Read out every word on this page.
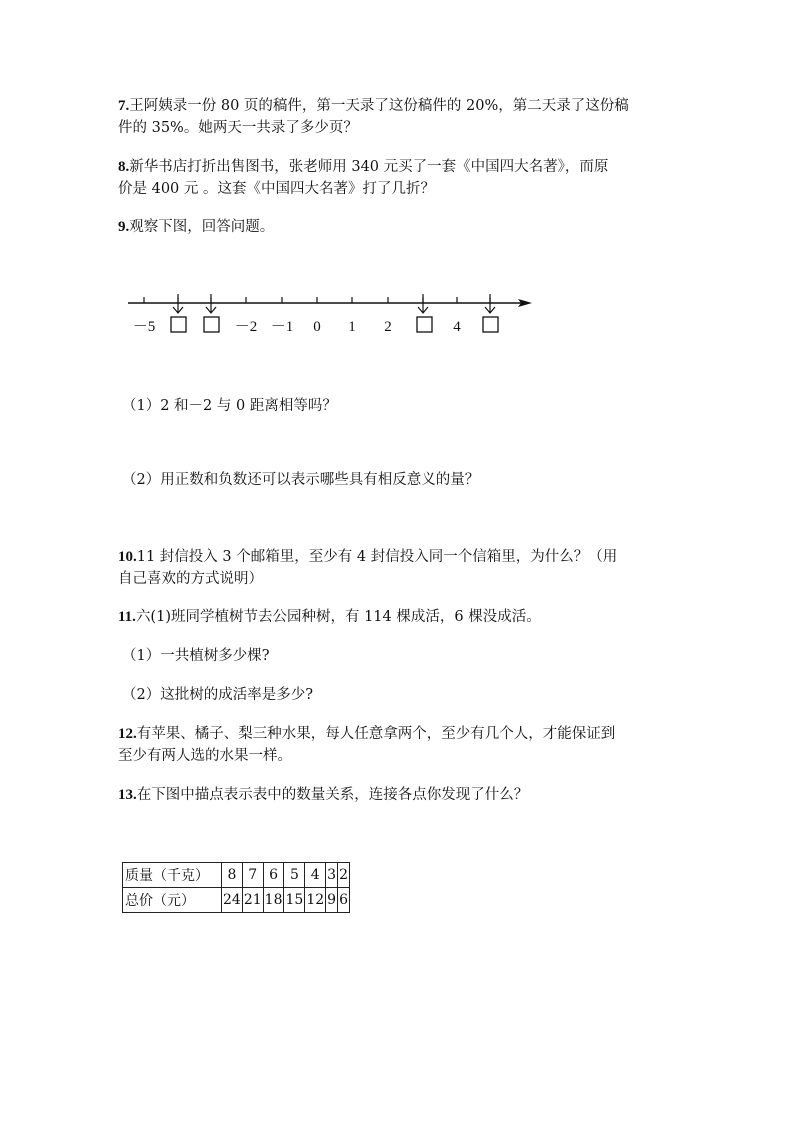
7.王阿姨录一份 80 页的稿件，第一天录了这份稿件的 20%，第二天录了这份稿
件的 35%。她两天一共录了多少页？
8.新华书店打折出售图书，张老师用 340 元买了一套《中国四大名著》，而原
价是 400 元 。这套《中国四大名著》打了几折？
9.观察下图，回答问题。
－5	－2 －1 0 1 2	4
（1）2 和－2 与 0 距离相等吗？
（2）用正数和负数还可以表示哪些具有相反意义的量？
10.11 封信投入 3 个邮箱里，至少有 4 封信投入同一个信箱里，为什么？（用
自己喜欢的方式说明）
11.六(1)班同学植树节去公园种树，有 114 棵成活，6 棵没成活。
（1）一共植树多少棵?
（2）这批树的成活率是多少?
12.有苹果、橘子、梨三种水果，每人任意拿两个，至少有几个人，才能保证到
至少有两人选的水果一样。
13.在下图中描点表示表中的数量关系，连接各点你发现了什么？
质量（千克）	8	7	6	5	4	3	2
总价（元）	24	21	18	15	12	9	6
